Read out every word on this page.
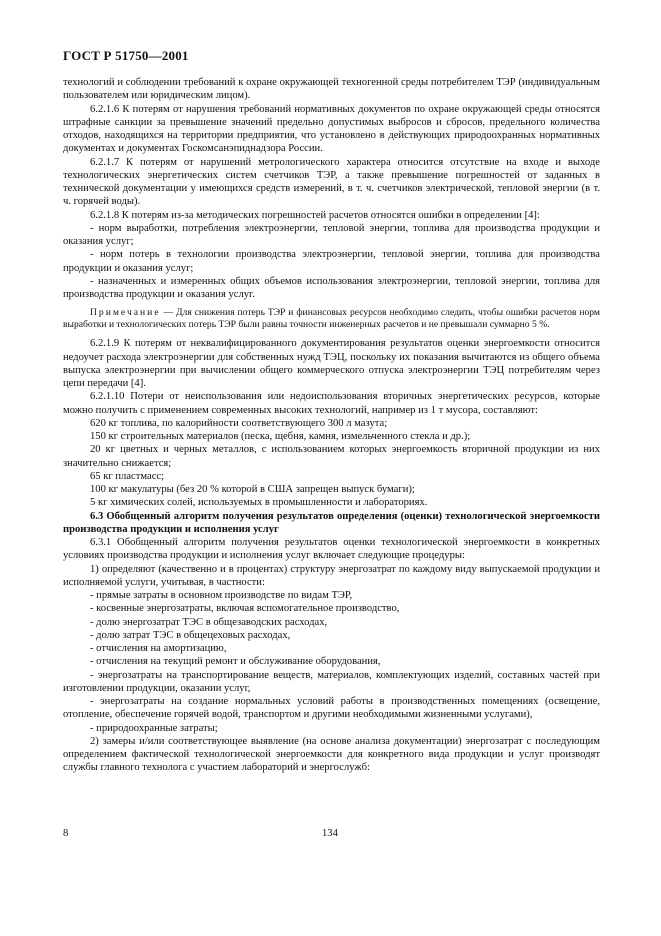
ГОСТ Р 51750—2001

технологий и соблюдении требований к охране окружающей техногенной среды потребителем ТЭР (индивидуальным пользователем или юридическим лицом).

6.2.1.6 К потерям от нарушения требований нормативных документов по охране окружающей среды относятся штрафные санкции за превышение значений предельно допустимых выбросов и сбросов, предельного количества отходов, находящихся на территории предприятия, что установлено в действующих природоохранных нормативных документах и документах Госкомсанэпиднадзора России.

6.2.1.7 К потерям от нарушений метрологического характера относится отсутствие на входе и выходе технологических энергетических систем счетчиков ТЭР, а также превышение погрешностей от заданных в технической документации у имеющихся средств измерений, в т. ч. счетчиков электрической, тепловой энергии (в т. ч. горячей воды).

6.2.1.8 К потерям из-за методических погрешностей расчетов относятся ошибки в определении [4]:

- норм выработки, потребления электроэнергии, тепловой энергии, топлива для производства продукции и оказания услуг;

- норм потерь в технологии производства электроэнергии, тепловой энергии, топлива для производства продукции и оказания услуг;

- назначенных и измеренных общих объемов использования электроэнергии, тепловой энергии, топлива для производства продукции и оказания услуг.

Примечание — Для снижения потерь ТЭР и финансовых ресурсов необходимо следить, чтобы ошибки расчетов норм выработки и технологических потерь ТЭР были равны точности инженерных расчетов и не превышали суммарно 5 %.

6.2.1.9 К потерям от неквалифицированного документирования результатов оценки энергоемкости относится недоучет расхода электроэнергии для собственных нужд ТЭЦ, поскольку их показания вычитаются из общего объема выпуска электроэнергии при вычислении общего коммерческого отпуска электроэнергии ТЭЦ потребителям через цепи передачи [4].

6.2.1.10 Потери от неиспользования или недоиспользования вторичных энергетических ресурсов, которые можно получить с применением современных высоких технологий, например из 1 т мусора, составляют:

620 кг топлива, по калорийности соответствующего 300 л мазута;

150 кг строительных материалов (песка, щебня, камня, измельченного стекла и др.);

20 кг цветных и черных металлов, с использованием которых энергоемкость вторичной продукции из них значительно снижается;

65 кг пластмасс;

100 кг макулатуры (без 20 % которой в США запрещен выпуск бумаги);

5 кг химических солей, используемых в промышленности и лабораториях.

6.3 Обобщенный алгоритм получения результатов определения (оценки) технологической энергоемкости производства продукции и исполнения услуг

6.3.1 Обобщенный алгоритм получения результатов оценки технологической энергоемкости в конкретных условиях производства продукции и исполнения услуг включает следующие процедуры:

1) определяют (качественно и в процентах) структуру энергозатрат по каждому виду выпускаемой продукции и исполняемой услуги, учитывая, в частности:

- прямые затраты в основном производстве по видам ТЭР,

- косвенные энергозатраты, включая вспомогательное производство,

- долю энергозатрат ТЭС в общезаводских расходах,

- долю затрат ТЭС в общецеховых расходах,

- отчисления на амортизацию,

- отчисления на текущий ремонт и обслуживание оборудования,

- энергозатраты на транспортирование веществ, материалов, комплектующих изделий, составных частей при изготовлении продукции, оказании услуг,

- энергозатраты на создание нормальных условий работы в производственных помещениях (освещение, отопление, обеспечение горячей водой, транспортом и другими необходимыми жизненными услугами),

- природоохранные затраты;

2) замеры и/или соответствующее выявление (на основе анализа документации) энергозатрат с последующим определением фактической технологической энергоемкости для конкретного вида продукции и услуг производят службы главного технолога с участием лабораторий и энергослужб:

8	134
